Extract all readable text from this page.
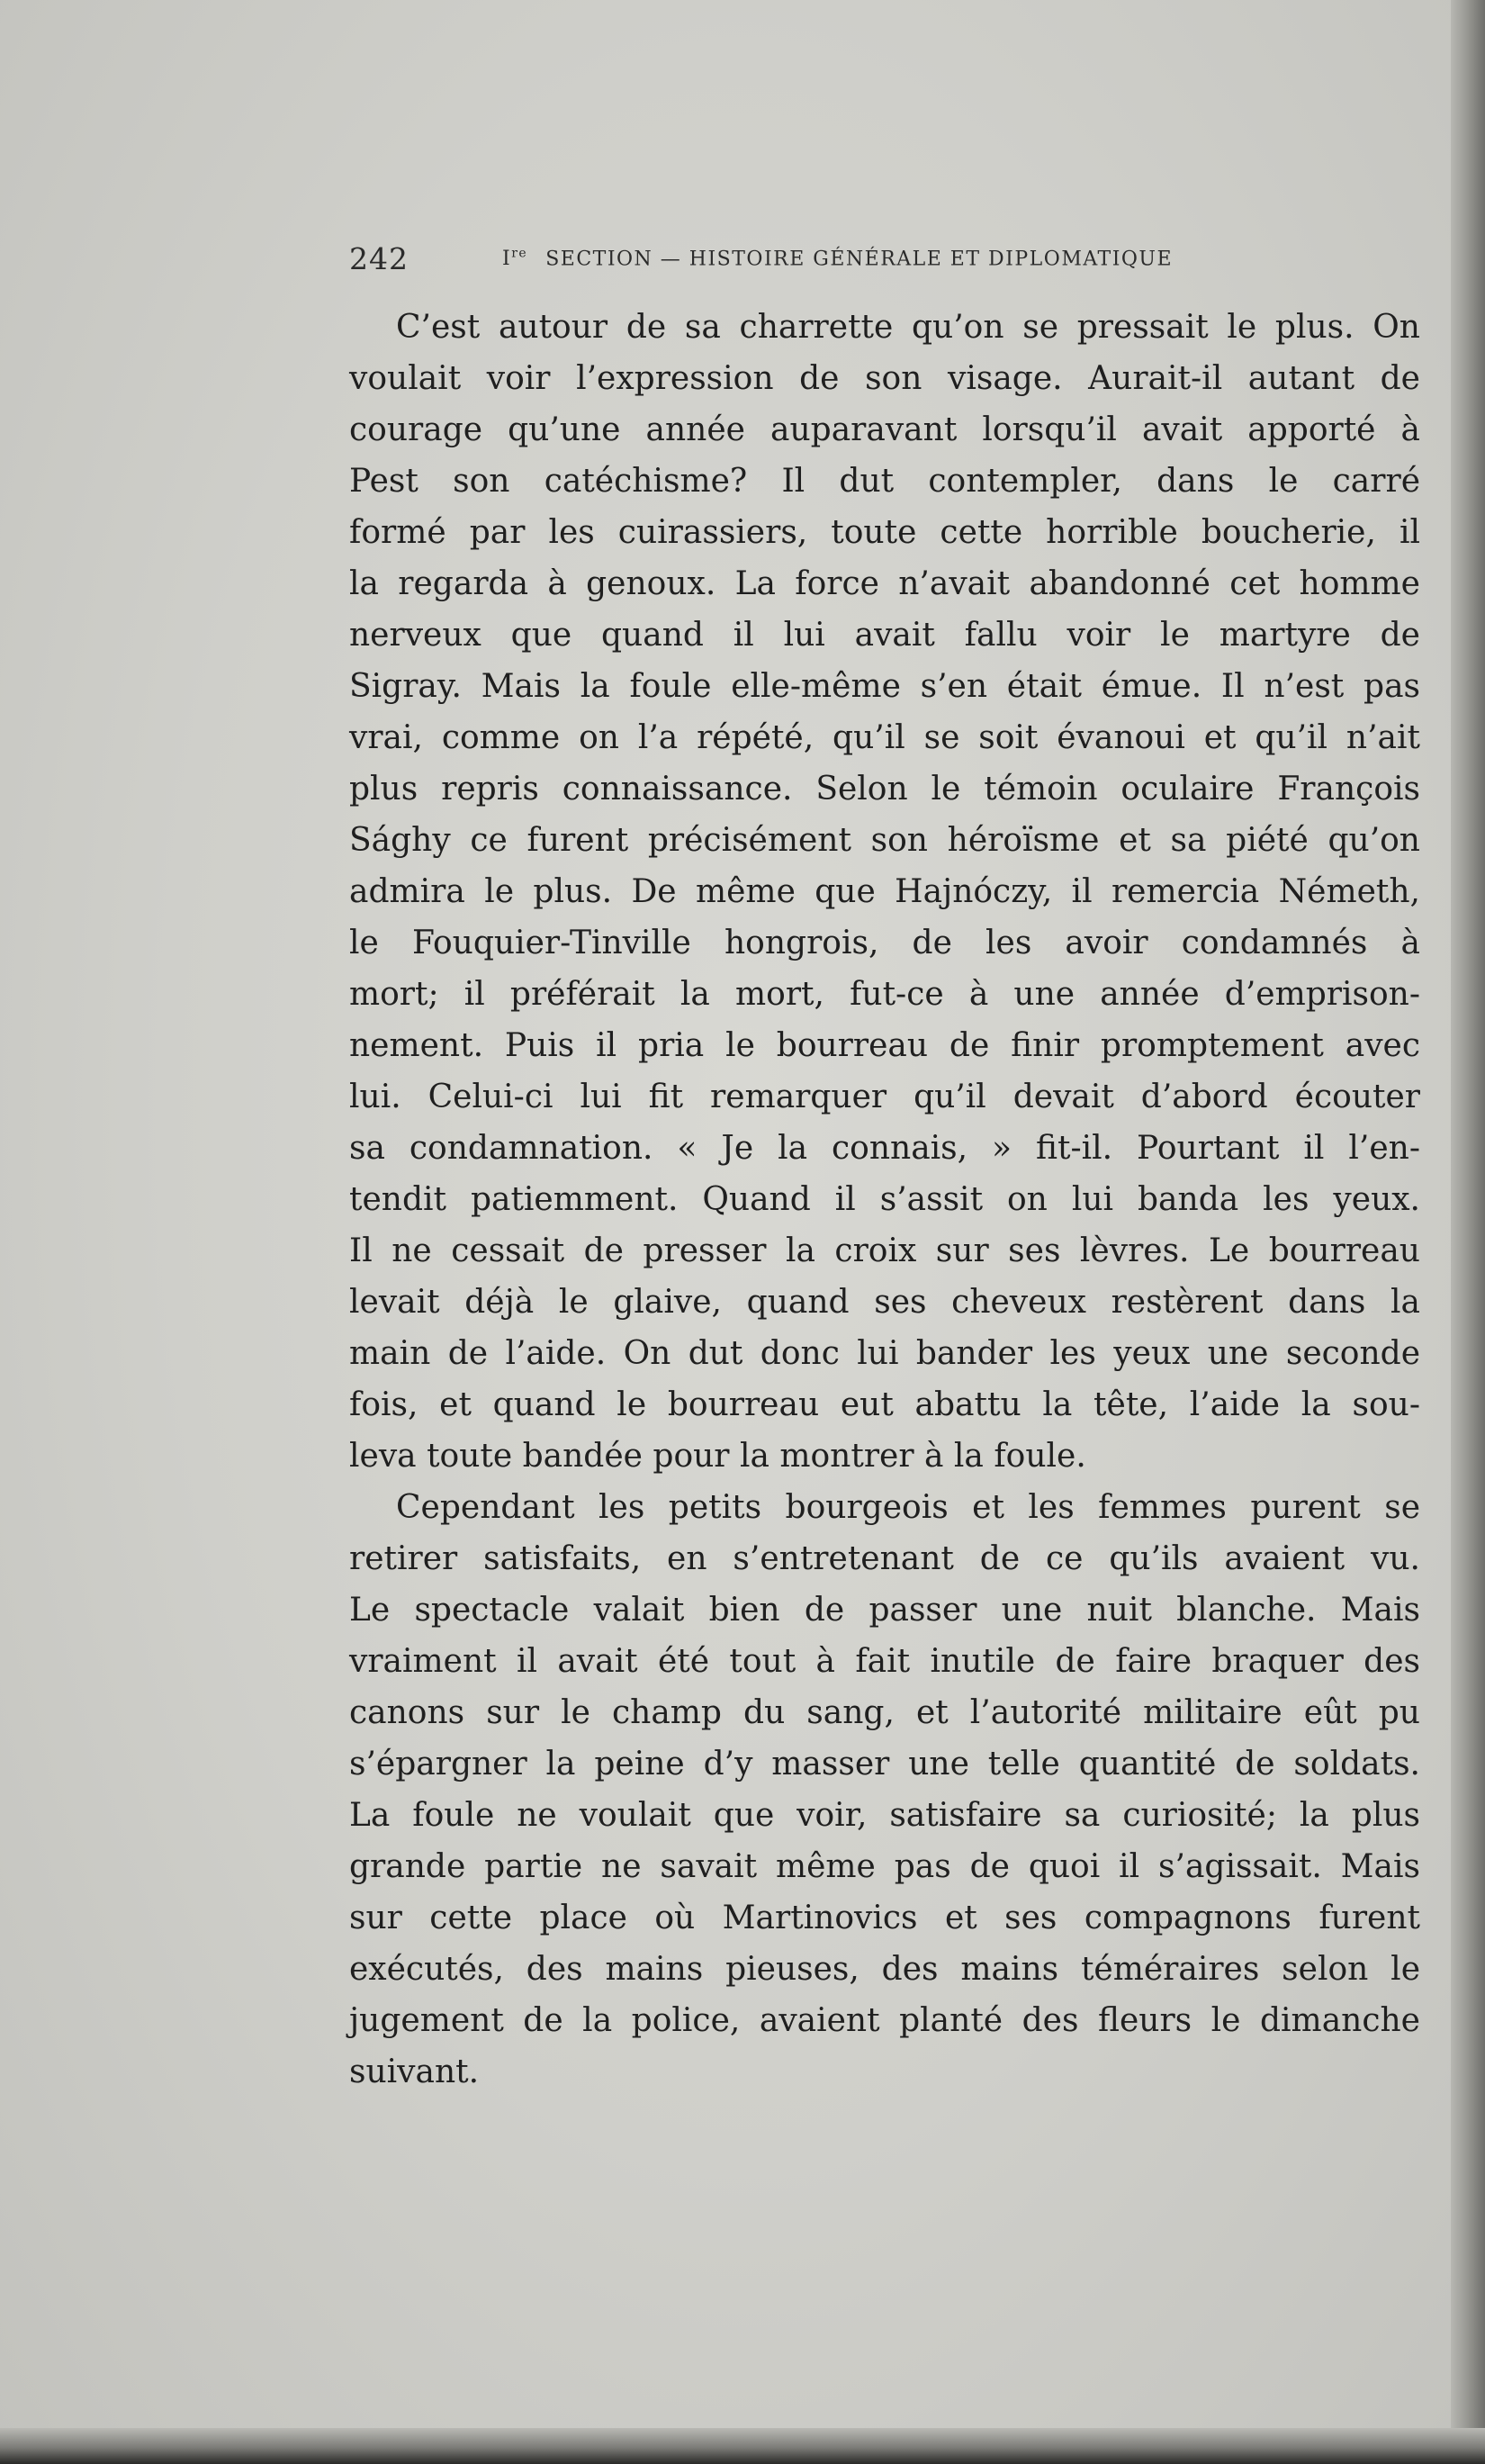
242	Ire SECTION — HISTOIRE GÉNÉRALE ET DIPLOMATIQUE
C’est autour de sa charrette qu’on se pressait le plus. On
voulait voir l’expression de son visage. Aurait-il autant de
courage qu’une année auparavant lorsqu’il avait apporté à
Pest son catéchisme? Il dut contempler, dans le carré
formé par les cuirassiers, toute cette horrible boucherie, il
la regarda à genoux. La force n’avait abandonné cet homme
nerveux que quand il lui avait fallu voir le martyre de
Sigray. Mais la foule elle-même s’en était émue. Il n’est pas
vrai, comme on l’a répété, qu’il se soit évanoui et qu’il n’ait
plus repris connaissance. Selon le témoin oculaire François
Sághy ce furent précisément son héroïsme et sa piété qu’on
admira le plus. De même que Hajnóczy, il remercia Németh,
le Fouquier-Tinville hongrois, de les avoir condamnés à
mort; il préférait la mort, fut-ce à une année d’emprison-
nement. Puis il pria le bourreau de finir promptement avec
lui. Celui-ci lui fit remarquer qu’il devait d’abord écouter
sa condamnation. « Je la connais, » fit-il. Pourtant il l’en-
tendit patiemment. Quand il s’assit on lui banda les yeux.
Il ne cessait de presser la croix sur ses lèvres. Le bourreau
levait déjà le glaive, quand ses cheveux restèrent dans la
main de l’aide. On dut donc lui bander les yeux une seconde
fois, et quand le bourreau eut abattu la tête, l’aide la sou-
leva toute bandée pour la montrer à la foule.
Cependant les petits bourgeois et les femmes purent se
retirer satisfaits, en s’entretenant de ce qu’ils avaient vu.
Le spectacle valait bien de passer une nuit blanche. Mais
vraiment il avait été tout à fait inutile de faire braquer des
canons sur le champ du sang, et l’autorité militaire eût pu
s’épargner la peine d’y masser une telle quantité de soldats.
La foule ne voulait que voir, satisfaire sa curiosité; la plus
grande partie ne savait même pas de quoi il s’agissait. Mais
sur cette place où Martinovics et ses compagnons furent
exécutés, des mains pieuses, des mains téméraires selon le
jugement de la police, avaient planté des fleurs le dimanche
suivant.
